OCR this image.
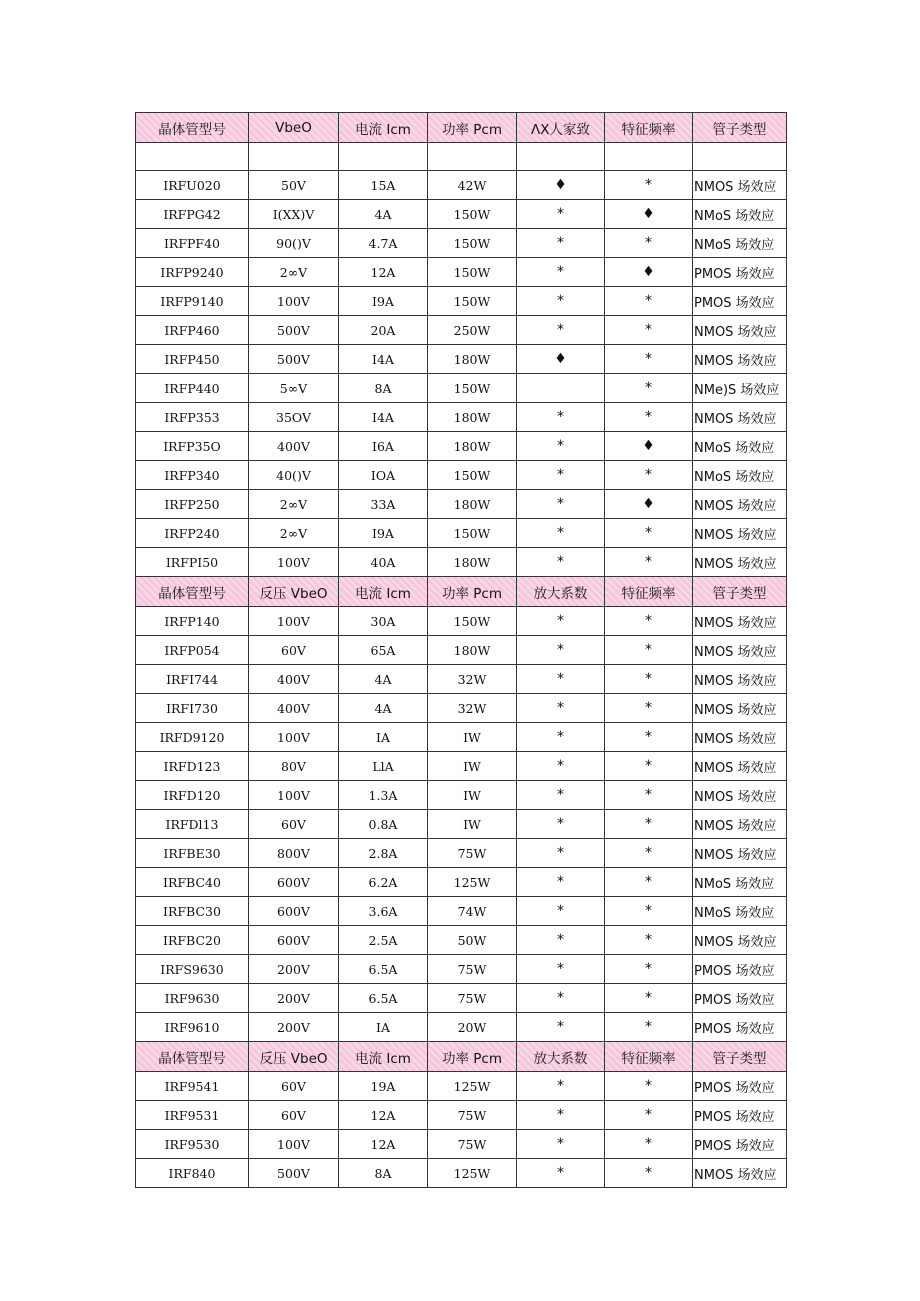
晶体管型号	VbeO	电流 Icm	功率 Pcm	ΛX人家致	特征频率	管子类型

IRFU020	50V	15A	42W	♦	*	NMOS 场效应
IRFPG42	I(XX)V	4A	150W	*	♦	NMoS 场效应
IRFPF40	90()V	4.7A	150W	*	*	NMoS 场效应
IRFP9240	2∞V	12A	150W	*	♦	PMOS 场效应
IRFP9140	100V	I9A	150W	*	*	PMOS 场效应
IRFP460	500V	20A	250W	*	*	NMOS 场效应
IRFP450	500V	I4A	180W	♦	*	NMOS 场效应
IRFP440	5∞V	8A	150W		*	NMe)S 场效应
IRFP353	35OV	I4A	180W	*	*	NMOS 场效应
IRFP35O	400V	I6A	180W	*	♦	NMoS 场效应
IRFP340	40()V	IOA	150W	*	*	NMoS 场效应
IRFP250	2∞V	33A	180W	*	♦	NMOS 场效应
IRFP240	2∞V	I9A	150W	*	*	NMOS 场效应
IRFPI50	100V	40A	180W	*	*	NMOS 场效应
晶体管型号	反压 VbeO	电流 Icm	功率 Pcm	放大系数	特征频率	管子类型
IRFP140	100V	30A	150W	*	*	NMOS 场效应
IRFP054	60V	65A	180W	*	*	NMOS 场效应
IRFI744	400V	4A	32W	*	*	NMOS 场效应
IRFI730	400V	4A	32W	*	*	NMOS 场效应
IRFD9120	100V	IA	IW	*	*	NMOS 场效应
IRFD123	80V	LlA	IW	*	*	NMOS 场效应
IRFD120	100V	1.3A	IW	*	*	NMOS 场效应
IRFDl13	60V	0.8A	IW	*	*	NMOS 场效应
IRFBE30	800V	2.8A	75W	*	*	NMOS 场效应
IRFBC40	600V	6.2A	125W	*	*	NMoS 场效应
IRFBC30	600V	3.6A	74W	*	*	NMoS 场效应
IRFBC20	600V	2.5A	50W	*	*	NMOS 场效应
IRFS9630	200V	6.5A	75W	*	*	PMOS 场效应
IRF9630	200V	6.5A	75W	*	*	PMOS 场效应
IRF9610	200V	IA	20W	*	*	PMOS 场效应
晶体管型号	反压 VbeO	电流 Icm	功率 Pcm	放大系数	特征频率	管子类型
IRF9541	60V	19A	125W	*	*	PMOS 场效应
IRF9531	60V	12A	75W	*	*	PMOS 场效应
IRF9530	100V	12A	75W	*	*	PMOS 场效应
IRF840	500V	8A	125W	*	*	NMOS 场效应
